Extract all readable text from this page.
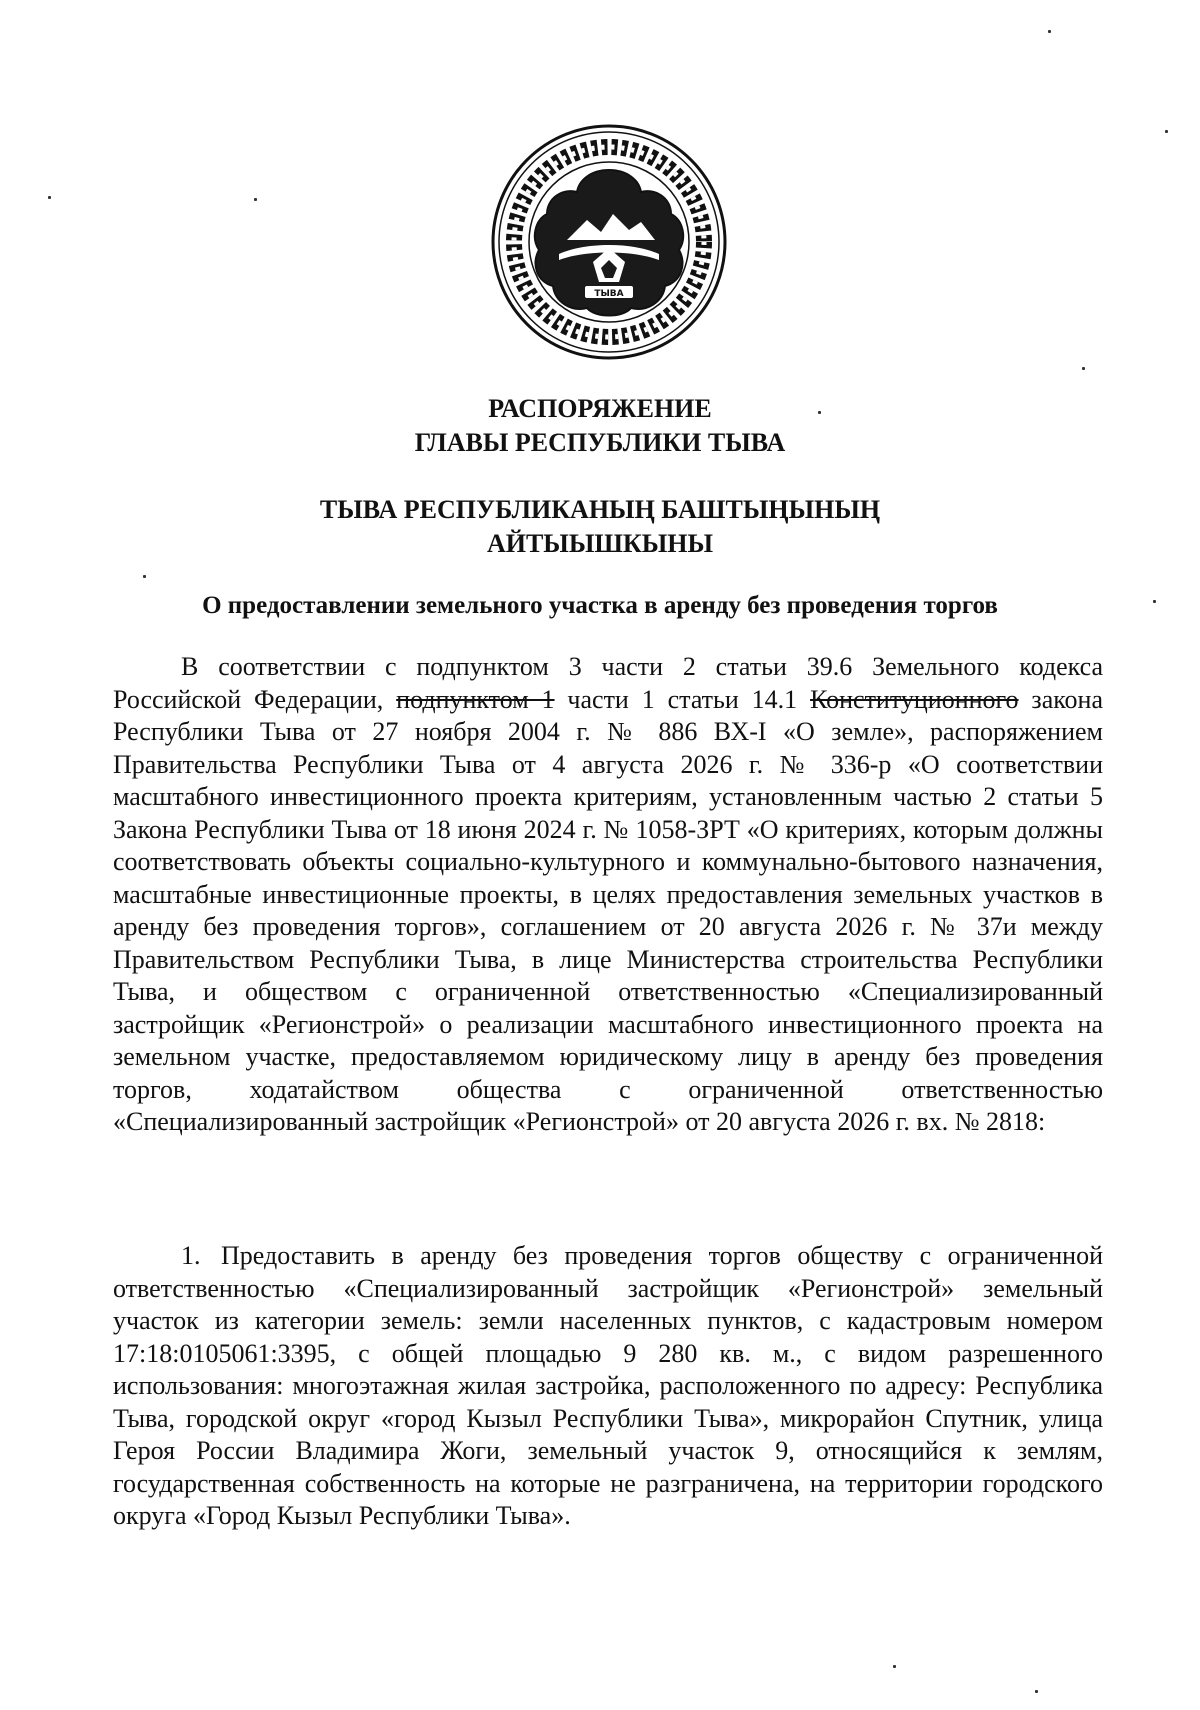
ТЫВА
РАСПОРЯЖЕНИЕ
ГЛАВЫ РЕСПУБЛИКИ ТЫВА
ТЫВА РЕСПУБЛИКАНЫҢ БАШТЫҢЫНЫҢ
АЙТЫЫШКЫНЫ
О предоставлении земельного участка в аренду без проведения торгов
В соответствии с подпунктом 3 части 2 статьи 39.6 Земельного кодекса Российской Федерации, подпунктом 1 части 1 статьи 14.1 Конституционного закона Республики Тыва от 27 ноября 2004 г. № 886 ВХ-I «О земле», распоряжением Правительства Республики Тыва от 4 августа 2026 г. № 336-р «О соответствии масштабного инвестиционного проекта критериям, установленным частью 2 статьи 5 Закона Республики Тыва от 18 июня 2024 г. № 1058-ЗРТ «О критериях, которым должны соответствовать объекты социально-культурного и коммунально-бытового назначения, масштабные инвестиционные проекты, в целях предоставления земельных участков в аренду без проведения торгов», соглашением от 20 августа 2026 г. № 37и между Правительством Республики Тыва, в лице Министерства строительства Республики Тыва, и обществом с ограниченной ответственностью «Специализированный застройщик «Регионстрой» о реализации масштабного инвестиционного проекта на земельном участке, предоставляемом юридическому лицу в аренду без проведения торгов, ходатайством общества с ограниченной ответственностью «Специализированный застройщик «Регионстрой» от 20 августа 2026 г. вх. № 2818:
1. Предоставить в аренду без проведения торгов обществу с ограниченной ответственностью «Специализированный застройщик «Регионстрой» земельный участок из категории земель: земли населенных пунктов, с кадастровым номером 17:18:0105061:3395, с общей площадью 9 280 кв. м., с видом разрешенного использования: многоэтажная жилая застройка, расположенного по адресу: Республика Тыва, городской округ «город Кызыл Республики Тыва», микрорайон Спутник, улица Героя России Владимира Жоги, земельный участок 9, относящийся к землям, государственная собственность на которые не разграничена, на территории городского округа «Город Кызыл Республики Тыва».
